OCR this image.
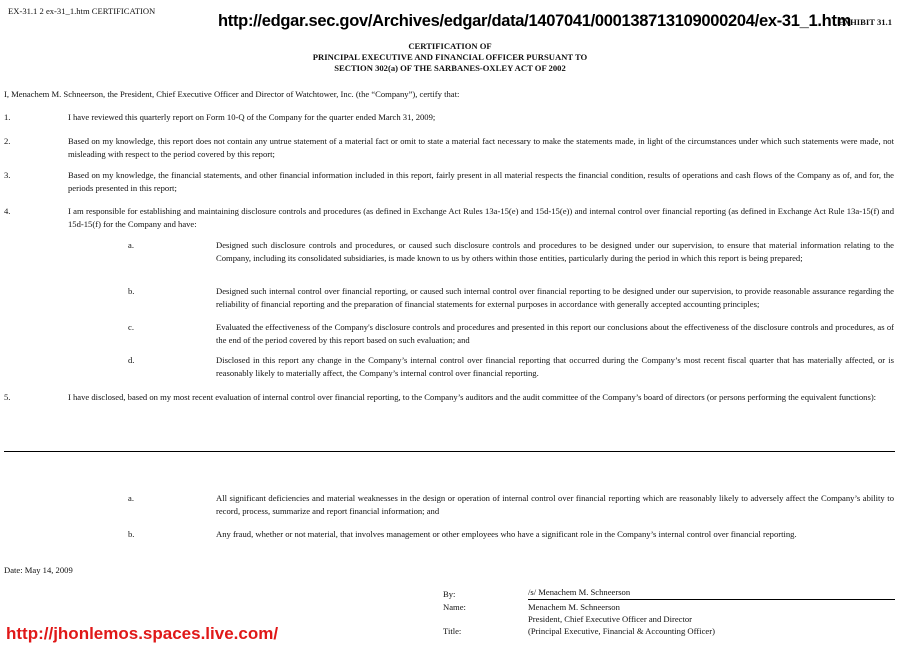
EX-31.1 2 ex-31_1.htm CERTIFICATION
http://edgar.sec.gov/Archives/edgar/data/1407041/000138713109000204/ex-31_1.htm
EXHIBIT 31.1
CERTIFICATION OF
PRINCIPAL EXECUTIVE AND FINANCIAL OFFICER PURSUANT TO
SECTION 302(a) OF THE SARBANES-OXLEY ACT OF 2002
I, Menachem M. Schneerson, the President, Chief Executive Officer and Director of Watchtower, Inc. (the “Company”), certify that:
1.	I have reviewed this quarterly report on Form 10-Q of the Company for the quarter ended March 31, 2009;
2.	Based on my knowledge, this report does not contain any untrue statement of a material fact or omit to state a material fact necessary to make the statements made, in light of the circumstances under which such statements were made, not misleading with respect to the period covered by this report;
3.	Based on my knowledge, the financial statements, and other financial information included in this report, fairly present in all material respects the financial condition, results of operations and cash flows of the Company as of, and for, the periods presented in this report;
4.	I am responsible for establishing and maintaining disclosure controls and procedures (as defined in Exchange Act Rules 13a-15(e) and 15d-15(e)) and internal control over financial reporting (as defined in Exchange Act Rule 13a-15(f) and 15d-15(f) for the Company and have:
a.	Designed such disclosure controls and procedures, or caused such disclosure controls and procedures to be designed under our supervision, to ensure that material information relating to the Company, including its consolidated subsidiaries, is made known to us by others within those entities, particularly during the period in which this report is being prepared;
b.	Designed such internal control over financial reporting, or caused such internal control over financial reporting to be designed under our supervision, to provide reasonable assurance regarding the reliability of financial reporting and the preparation of financial statements for external purposes in accordance with generally accepted accounting principles;
c.	Evaluated the effectiveness of the Company's disclosure controls and procedures and presented in this report our conclusions about the effectiveness of the disclosure controls and procedures, as of the end of the period covered by this report based on such evaluation; and
d.	Disclosed in this report any change in the Company’s internal control over financial reporting that occurred during the Company’s most recent fiscal quarter that has materially affected, or is reasonably likely to materially affect, the Company’s internal control over financial reporting.
5.	I have disclosed, based on my most recent evaluation of internal control over financial reporting, to the Company’s auditors and the audit committee of the Company’s board of directors (or persons performing the equivalent functions):
a.	All significant deficiencies and material weaknesses in the design or operation of internal control over financial reporting which are reasonably likely to adversely affect the Company’s ability to record, process, summarize and report financial information; and
b.	Any fraud, whether or not material, that involves management or other employees who have a significant role in the Company’s internal control over financial reporting.
Date: May 14, 2009
By:	/s/ Menachem M. Schneerson
Name:	Menachem M. Schneerson
President, Chief Executive Officer and Director
Title:	(Principal Executive, Financial & Accounting Officer)
http://jhonlemos.spaces.live.com/
